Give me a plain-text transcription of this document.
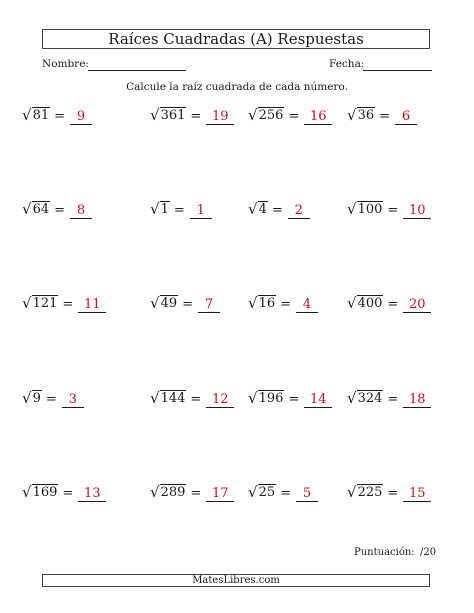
Raíces Cuadradas (A) Respuestas
Nombre:	Fecha:
Calcule la raíz cuadrada de cada número.
√ 81 = 9	√ 361 = 19	√ 256 = 16	√ 36 = 6
√ 64 = 8	√ 1 = 1	√ 4 = 2	√ 100 = 10
√ 121 = 11	√ 49 = 7	√ 16 = 4	√ 400 = 20
√ 9 = 3	√ 144 = 12	√ 196 = 14	√ 324 = 18
√ 169 = 13	√ 289 = 17	√ 25 = 5	√ 225 = 15
Puntuación: /20
MatesLibres.com
